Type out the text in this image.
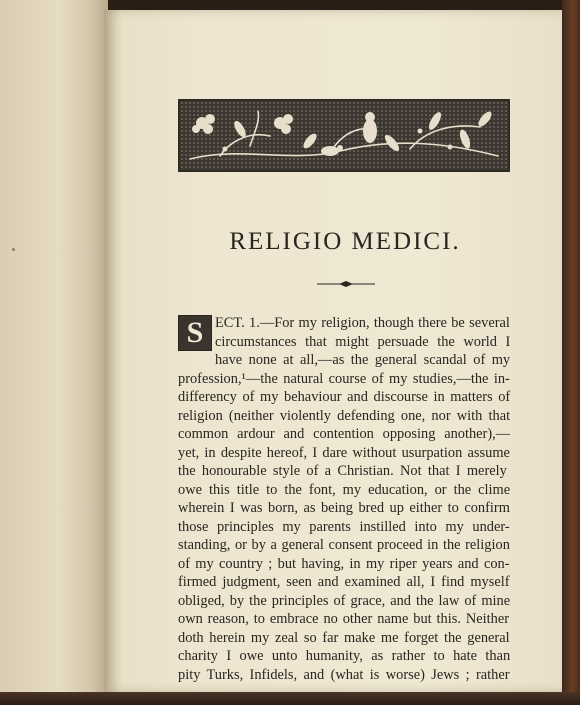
RELIGIO MEDICI.
S ECT. 1.—For my religion, though there be several
circumstances that might persuade the world I
have none at all,—as the general scandal of my
profession,¹—the natural course of my studies,—the in-
differency of my behaviour and discourse in matters of
religion (neither violently defending one, nor with that
common ardour and contention opposing another),—
yet, in despite hereof, I dare without usurpation assume
the honourable style of a Christian. Not that I merely
owe this title to the font, my education, or the clime
wherein I was born, as being bred up either to confirm
those principles my parents instilled into my under-
standing, or by a general consent proceed in the religion
of my country ; but having, in my riper years and con-
firmed judgment, seen and examined all, I find myself
obliged, by the principles of grace, and the law of mine
own reason, to embrace no other name but this. Neither
doth herein my zeal so far make me forget the general
charity I owe unto humanity, as rather to hate than
pity Turks, Infidels, and (what is worse) Jews ; rather
